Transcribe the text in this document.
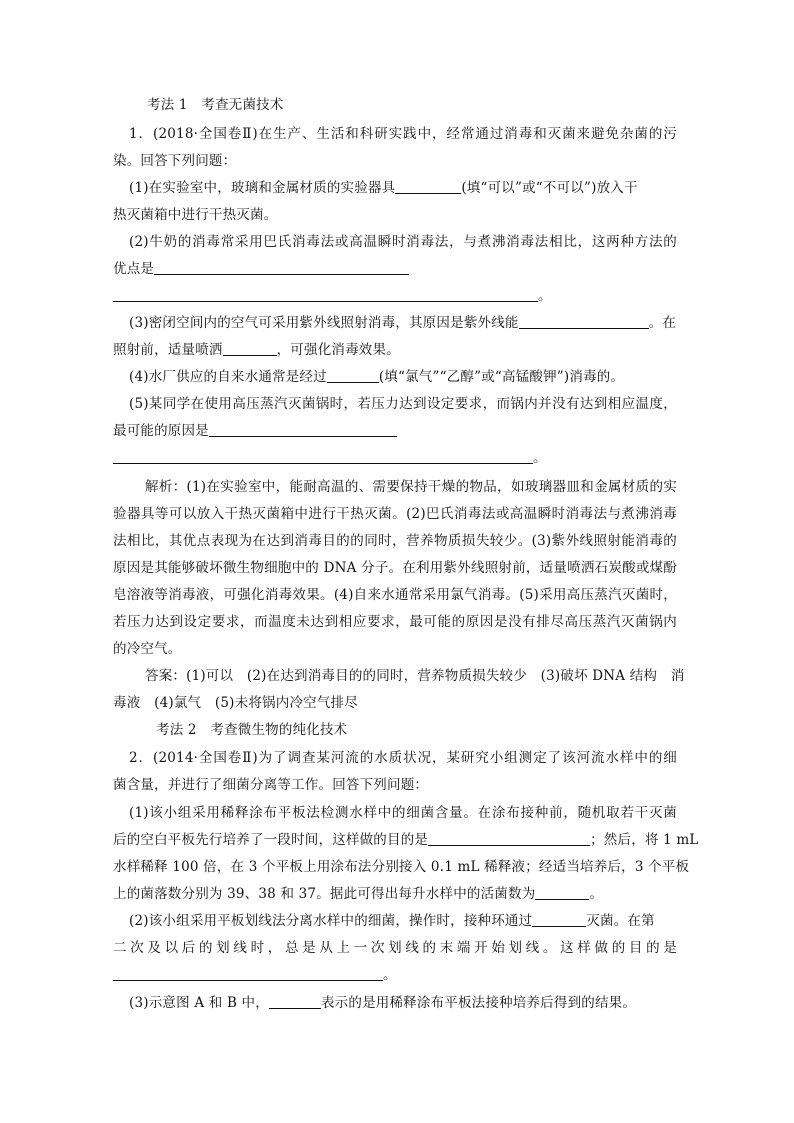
考法 1　考查无菌技术

1．(2018·全国卷Ⅱ)在生产、生活和科研实践中，经常通过消毒和灭菌来避免杂菌的污

染。回答下列问题：

(1)在实验室中，玻璃和金属材质的实验器具	(填“可以”或“不可以”)放入干

热灭菌箱中进行干热灭菌。

(2)牛奶的消毒常采用巴氏消毒法或高温瞬时消毒法，与煮沸消毒法相比，这两种方法的

优点是

。

(3)密闭空间内的空气可采用紫外线照射消毒，其原因是紫外线能	。在

照射前，适量喷洒	，可强化消毒效果。

(4)水厂供应的自来水通常是经过	(填“氯气”“乙醇”或“高锰酸钾”)消毒的。

(5)某同学在使用高压蒸汽灭菌锅时，若压力达到设定要求，而锅内并没有达到相应温度，

最可能的原因是

。

解析：(1)在实验室中，能耐高温的、需要保持干燥的物品，如玻璃器皿和金属材质的实

验器具等可以放入干热灭菌箱中进行干热灭菌。(2)巴氏消毒法或高温瞬时消毒法与煮沸消毒

法相比，其优点表现为在达到消毒目的的同时，营养物质损失较少。(3)紫外线照射能消毒的

原因是其能够破坏微生物细胞中的 DNA 分子。在利用紫外线照射前，适量喷洒石炭酸或煤酚

皂溶液等消毒液，可强化消毒效果。(4)自来水通常采用氯气消毒。(5)采用高压蒸汽灭菌时，

若压力达到设定要求，而温度未达到相应要求，最可能的原因是没有排尽高压蒸汽灭菌锅内

的冷空气。

答案：(1)可以　(2)在达到消毒目的的同时，营养物质损失较少　(3)破坏 DNA 结构　消

毒液　(4)氯气　(5)未将锅内冷空气排尽

考法 2　考查微生物的纯化技术

2．(2014·全国卷Ⅱ)为了调查某河流的水质状况，某研究小组测定了该河流水样中的细

菌含量，并进行了细菌分离等工作。回答下列问题：

(1)该小组采用稀释涂布平板法检测水样中的细菌含量。在涂布接种前，随机取若干灭菌

后的空白平板先行培养了一段时间，这样做的目的是	；然后，将 1 mL

水样稀释 100 倍，在 3 个平板上用涂布法分别接入 0.1 mL 稀释液；经适当培养后，3 个平板

上的菌落数分别为 39、38 和 37。据此可得出每升水样中的活菌数为	。

(2)该小组采用平板划线法分离水样中的细菌，操作时，接种环通过	灭菌。在第

二次及以后的划线时，总是从上一次划线的末端开始划线。这样做的目的是

。

(3)示意图 A 和 B 中，	表示的是用稀释涂布平板法接种培养后得到的结果。
